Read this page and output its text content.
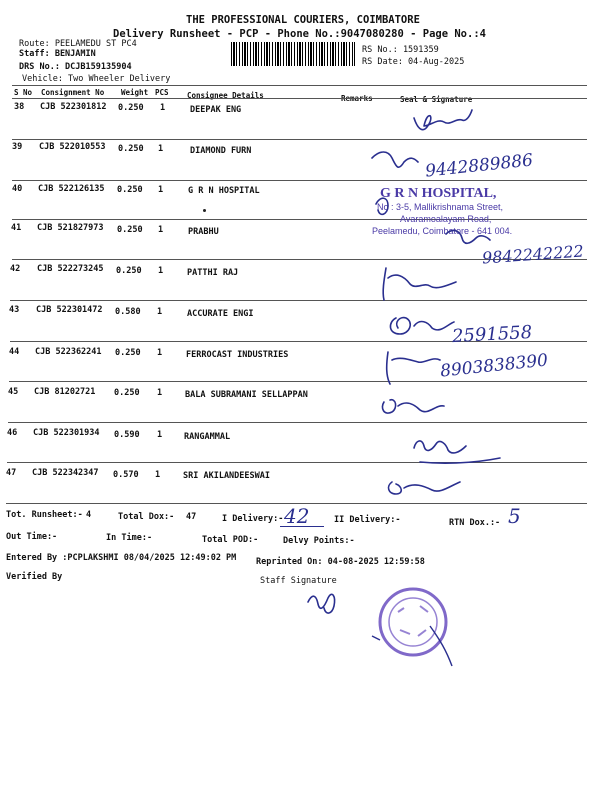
THE PROFESSIONAL COURIERS, COIMBATORE
Delivery Runsheet - PCP - Phone No.:9047080280 - Page No.:4
Route: PEELAMEDU ST PC4
Staff: BENJAMIN
DRS No.: DCJB159135904
Vehicle: Two Wheeler Delivery
RS No.: 1591359
RS Date: 04-Aug-2025
S No Consignment No Weight PCS Consignee Details	Remarks	Seal & Signature
38 CJB 522301812 0.250 1	DEEPAK ENG
39 CJB 522010553 0.250 1	DIAMOND FURN
40 CJB 522126135 0.250 1	G R N HOSPITAL
41 CJB 521827973 0.250 1	PRABHU
42 CJB 522273245 0.250 1	PATTHI RAJ
43 CJB 522301472 0.580 1	ACCURATE ENGI
44 CJB 522362241 0.250 1	FERROCAST INDUSTRIES
45 CJB 81202721 0.250 1	BALA SUBRAMANI SELLAPPAN
46 CJB 522301934 0.590 1	RANGAMMAL
47 CJB 522342347 0.570 1	SRI AKILANDEESWAI
G R N HOSPITAL,
No : 3-5, Mallikrishnama Street,
Avaramoalayam Road,
Peelamedu, Coimbatore - 641 004.
9442889886
9842242222
2591558
8903838390
Tot. Runsheet:- 4	Total Dox:- 47	I Delivery:- 42	II Delivery:-	RTN Dox.:- 5
Out Time:-	In Time:-	Total POD:-	Delvy Points:-
Entered By :PCPLAKSHMI 08/04/2025 12:49:02 PM Reprinted On: 04-08-2025 12:59:58
Verified By	Staff Signature
